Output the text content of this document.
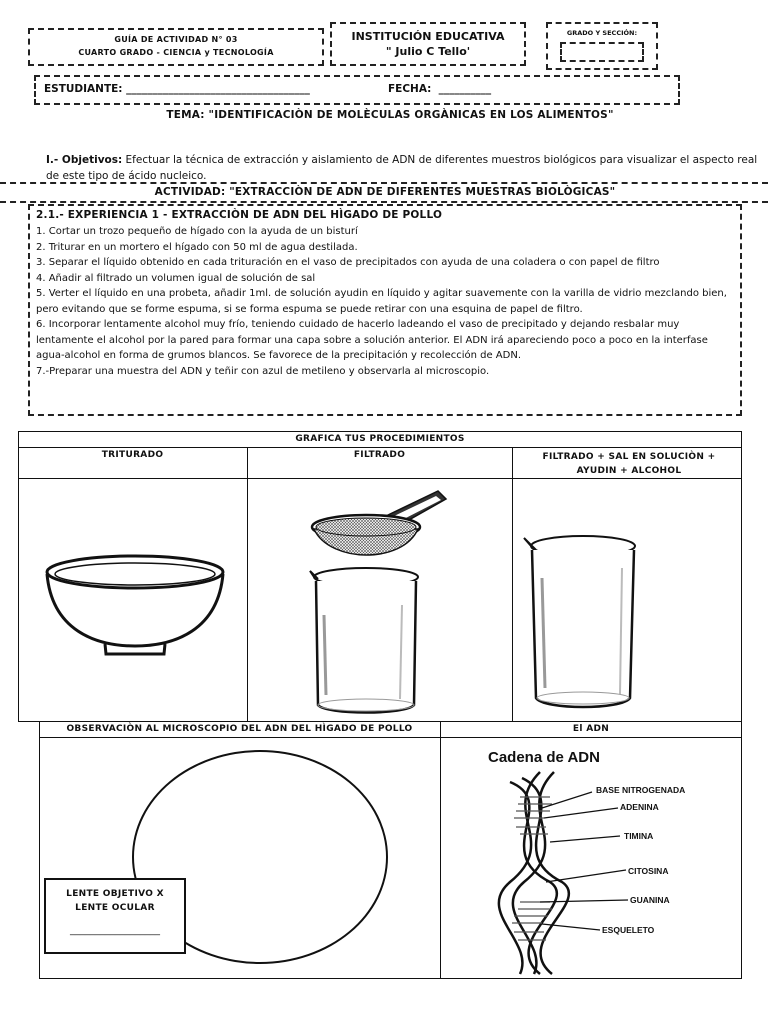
GUÍA DE ACTIVIDAD N° 03
CUARTO GRADO - CIENCIA y TECNOLOGÍA
INSTITUCIÓN EDUCATIVA
" Julio C Tello'
GRADO Y SECCIÓN:
ESTUDIANTE: ___________________________________	FECHA:  __________
TEMA: "IDENTIFICACIÒN DE MOLÈCULAS ORGÀNICAS EN LOS ALIMENTOS"
I.- Objetivos: Efectuar la técnica de extracción y aislamiento de ADN de diferentes muestros biológicos para visualizar el aspecto real de este tipo de ácido nucleico.
ACTIVIDAD: "EXTRACCIÒN DE ADN DE DIFERENTES MUESTRAS BIOLÒGICAS"
2.1.- EXPERIENCIA 1 - EXTRACCIÒN DE ADN DEL HÌGADO DE POLLO
1. Cortar un trozo pequeño de hígado con la ayuda de un bisturí
2. Triturar en un mortero el hígado con 50 ml de agua destilada.
3. Separar el líquido obtenido en cada trituración en el vaso de precipitados con ayuda de una coladera o con papel de filtro
4. Añadir al filtrado un volumen igual de solución de sal
5. Verter el líquido en una probeta, añadir 1ml. de solución ayudin en líquido y agitar suavemente con la varilla de vidrio mezclando bien, pero evitando que se forme espuma, si se forma espuma se puede retirar con una esquina de papel de filtro.
6. Incorporar lentamente alcohol muy frío, teniendo cuidado de hacerlo ladeando el vaso de precipitado y dejando resbalar muy lentamente el alcohol por la pared para formar una capa sobre a solución anterior. El ADN irá apareciendo poco a poco en la interfase agua-alcohol en forma de grumos blancos. Se favorece de la precipitación y recolección de ADN.
7.-Preparar una muestra del ADN y teñir con azul de metileno y observarla al microscopio.
GRAFICA TUS PROCEDIMIENTOS
TRITURADO	FILTRADO	FILTRADO + SAL EN SOLUCIÒN + AYUDIN + ALCOHOL
OBSERVACIÒN AL MICROSCOPIO DEL ADN DEL HÌGADO DE POLLO	El ADN
LENTE OBJETIVO X LENTE OCULAR
__________________
Cadena de ADN
BASE NITROGENADA
ADENINA
TIMINA
CITOSINA
GUANINA
ESQUELETO
